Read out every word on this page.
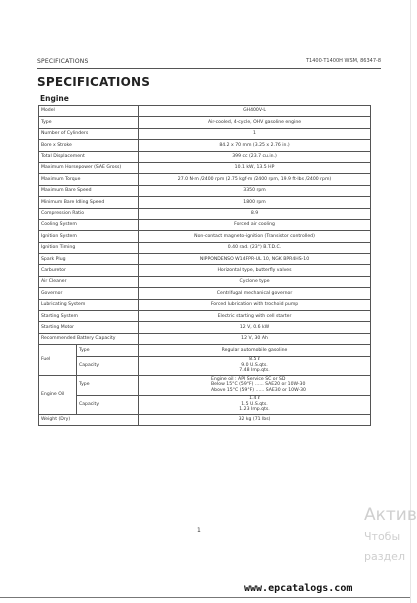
SPECIFICATIONS	T1400·T1400H WSM, 86347-8
SPECIFICATIONS
Engine
Model		GH400V-L
Type		Air-cooled, 4-cycle, OHV gasoline engine
Number of Cylinders		1
Bore x Stroke		84.2 x 70 mm (3.25 x 2.76 in.)
Total Displacement		399 cc (23.7 cu.in.)
Maximum Horsepower (SAE Gross)		10.1 kW, 13.5 HP
Maximum Torque		27.0 N·m /2400 rpm (2.75 kgf·m /2400 rpm, 19.9 ft-lbs /2400 rpm)
Maximum Bare Speed		3350 rpm
Minimum Bare Idling Speed		1800 rpm
Compression Ratio		8.9
Cooling System		Forced air cooling
Ignition System		Non-contact magneto-ignition (Transistor controlled)
Ignition Timing		0.40 rad. (23°) B.T.D.C.
Spark Plug		NIPPONDENSO W14FPR-UL 10, NGK BPR4HS-10
Carburetor		Horizontal type, butterfly valves
Air Cleaner		Cyclone type
Governor		Centrifugal mechanical governor
Lubricating System		Forced lubrication with trochoid pump
Starting System		Electric starting with cell starter
Starting Motor		12 V, 0.6 kW
Recommended Battery Capacity		12 V, 30 Ah
Fuel	Type	Regular automobile gasoline
	Capacity	8.5 ℓ
9.0 U.S.qts.
7.48 Imp.qts.

Engine Oil	Type	Engine oil : API Service SC or SD
Below 15°C (59°F) ...... SAE20 or 10W-30
Above 15°C (59°F) ...... SAE30 or 10W-30

	Capacity	1.4 ℓ
1.5 U.S.qts.
1.23 Imp.qts.

Weight (Dry)		32 kg (71 lbs)
1
Актив
Чтобы
раздел
www.epcatalogs.com
